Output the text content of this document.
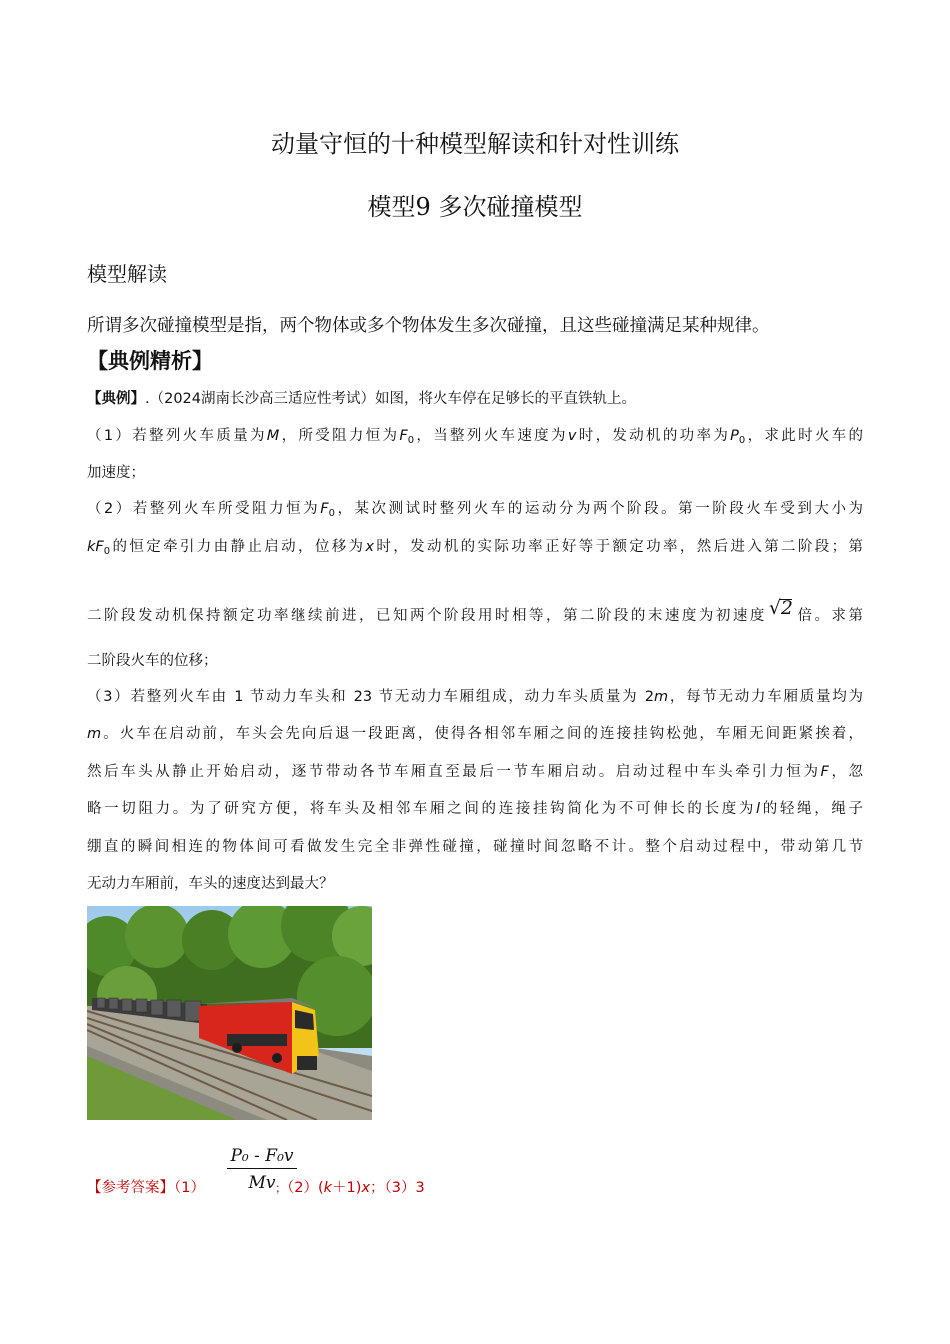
动量守恒的十种模型解读和针对性训练
模型9 多次碰撞模型
模型解读
所谓多次碰撞模型是指，两个物体或多个物体发生多次碰撞，且这些碰撞满足某种规律。
【典例精析】
【典例】.（2024湖南长沙高三适应性考试）如图，将火车停在足够长的平直铁轨上。
（1）若整列火车质量为M，所受阻力恒为$F_0$，当整列火车速度为v时，发动机的功率为$P_0$，求此时火车的
加速度；
（2）若整列火车所受阻力恒为$F_0$，某次测试时整列火车的运动分为两个阶段。第一阶段火车受到大小为
$kF_0$的恒定牵引力由静止启动，位移为x时，发动机的实际功率正好等于额定功率，然后进入第二阶段；第
二阶段发动机保持额定功率继续前进，已知两个阶段用时相等，第二阶段的末速度为初速度 √ 2 倍。求第
二阶段火车的位移；
（3）若整列火车由 1 节动力车头和 23 节无动力车厢组成，动力车头质量为 2m，每节无动力车厢质量均为
m。火车在启动前，车头会先向后退一段距离，使得各相邻车厢之间的连接挂钩松弛，车厢无间距紧挨着，
然后车头从静止开始启动，逐节带动各节车厢直至最后一节车厢启动。启动过程中车头牵引力恒为F，忽
略一切阻力。为了研究方便，将车头及相邻车厢之间的连接挂钩简化为不可伸长的长度为l的轻绳，绳子
绷直的瞬间相连的物体间可看做发生完全非弹性碰撞，碰撞时间忽略不计。整个启动过程中，带动第几节
无动力车厢前，车头的速度达到最大？
$\frac{\text{P₀ - F₀v}}{Mv}$
【参考答案】（1）	；（2）(k＋1)x；（3）3
